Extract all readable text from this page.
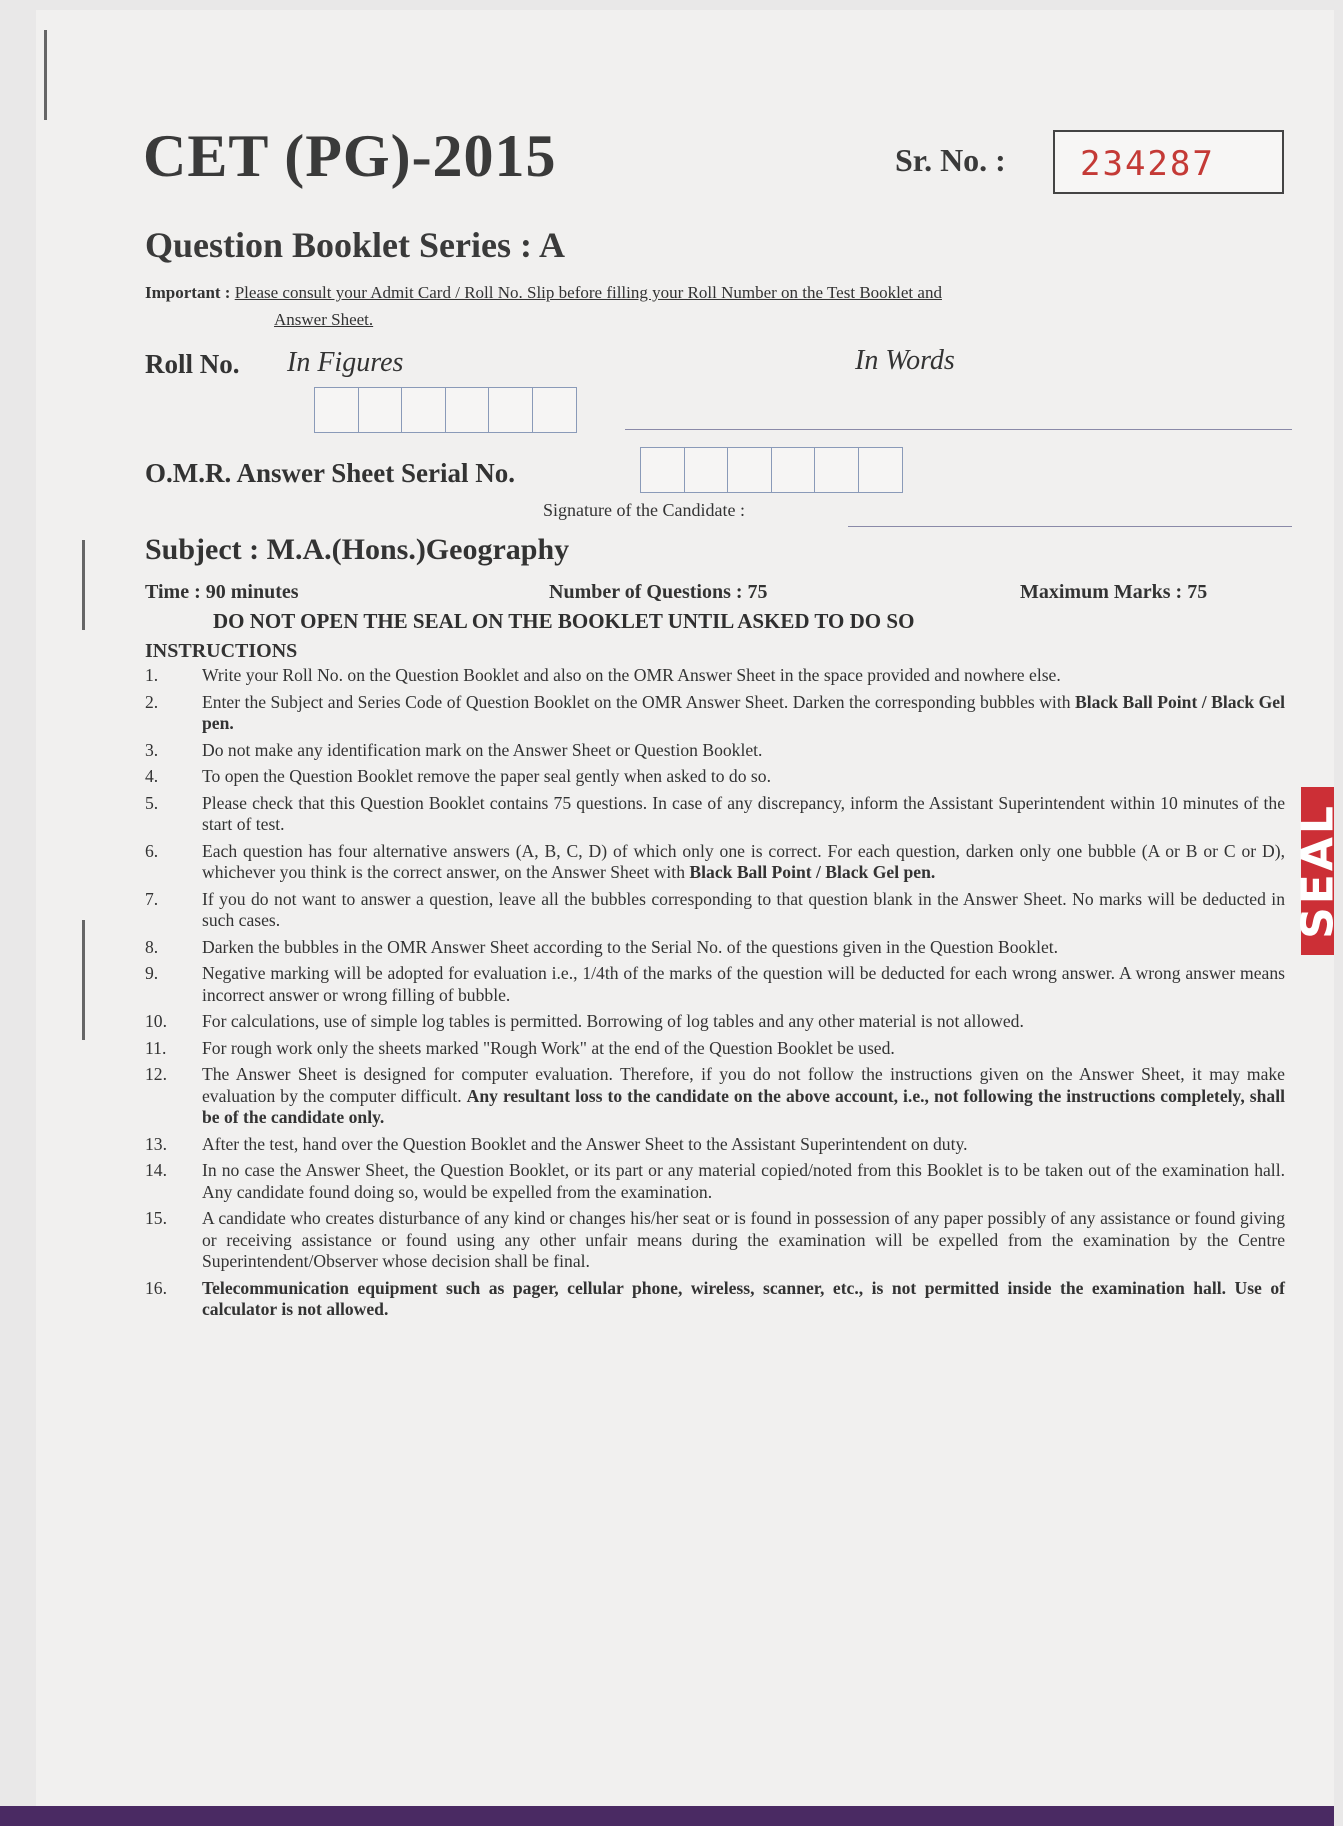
CET (PG)-2015	Sr. No. : 234287
Question Booklet Series : A
Important : Please consult your Admit Card / Roll No. Slip before filling your Roll Number on the Test Booklet and
Answer Sheet.
Roll No. In Figures	In Words
O.M.R. Answer Sheet Serial No.
Signature of the Candidate :
Subject : M.A.(Hons.)Geography
Time : 90 minutes	Number of Questions : 75	Maximum Marks : 75
DO NOT OPEN THE SEAL ON THE BOOKLET UNTIL ASKED TO DO SO
INSTRUCTIONS
1.	Write your Roll No. on the Question Booklet and also on the OMR Answer Sheet in the space provided and nowhere else.
2.	Enter the Subject and Series Code of Question Booklet on the OMR Answer Sheet. Darken the corresponding bubbles with Black Ball Point / Black Gel pen.
3.	Do not make any identification mark on the Answer Sheet or Question Booklet.
4.	To open the Question Booklet remove the paper seal gently when asked to do so.
5.	Please check that this Question Booklet contains 75 questions. In case of any discrepancy, inform the Assistant Superintendent within 10 minutes of the start of test.
6.	Each question has four alternative answers (A, B, C, D) of which only one is correct. For each question, darken only one bubble (A or B or C or D), whichever you think is the correct answer, on the Answer Sheet with Black Ball Point / Black Gel pen.
7.	If you do not want to answer a question, leave all the bubbles corresponding to that question blank in the Answer Sheet. No marks will be deducted in such cases.
8.	Darken the bubbles in the OMR Answer Sheet according to the Serial No. of the questions given in the Question Booklet.
9.	Negative marking will be adopted for evaluation i.e., 1/4th of the marks of the question will be deducted for each wrong answer. A wrong answer means incorrect answer or wrong filling of bubble.
10.	For calculations, use of simple log tables is permitted. Borrowing of log tables and any other material is not allowed.
11.	For rough work only the sheets marked "Rough Work" at the end of the Question Booklet be used.
12.	The Answer Sheet is designed for computer evaluation. Therefore, if you do not follow the instructions given on the Answer Sheet, it may make evaluation by the computer difficult. Any resultant loss to the candidate on the above account, i.e., not following the instructions completely, shall be of the candidate only.
13.	After the test, hand over the Question Booklet and the Answer Sheet to the Assistant Superintendent on duty.
14.	In no case the Answer Sheet, the Question Booklet, or its part or any material copied/noted from this Booklet is to be taken out of the examination hall. Any candidate found doing so, would be expelled from the examination.
15.	A candidate who creates disturbance of any kind or changes his/her seat or is found in possession of any paper possibly of any assistance or found giving or receiving assistance or found using any other unfair means during the examination will be expelled from the examination by the Centre Superintendent/Observer whose decision shall be final.
16.	Telecommunication equipment such as pager, cellular phone, wireless, scanner, etc., is not permitted inside the examination hall. Use of calculator is not allowed.
SEAL
